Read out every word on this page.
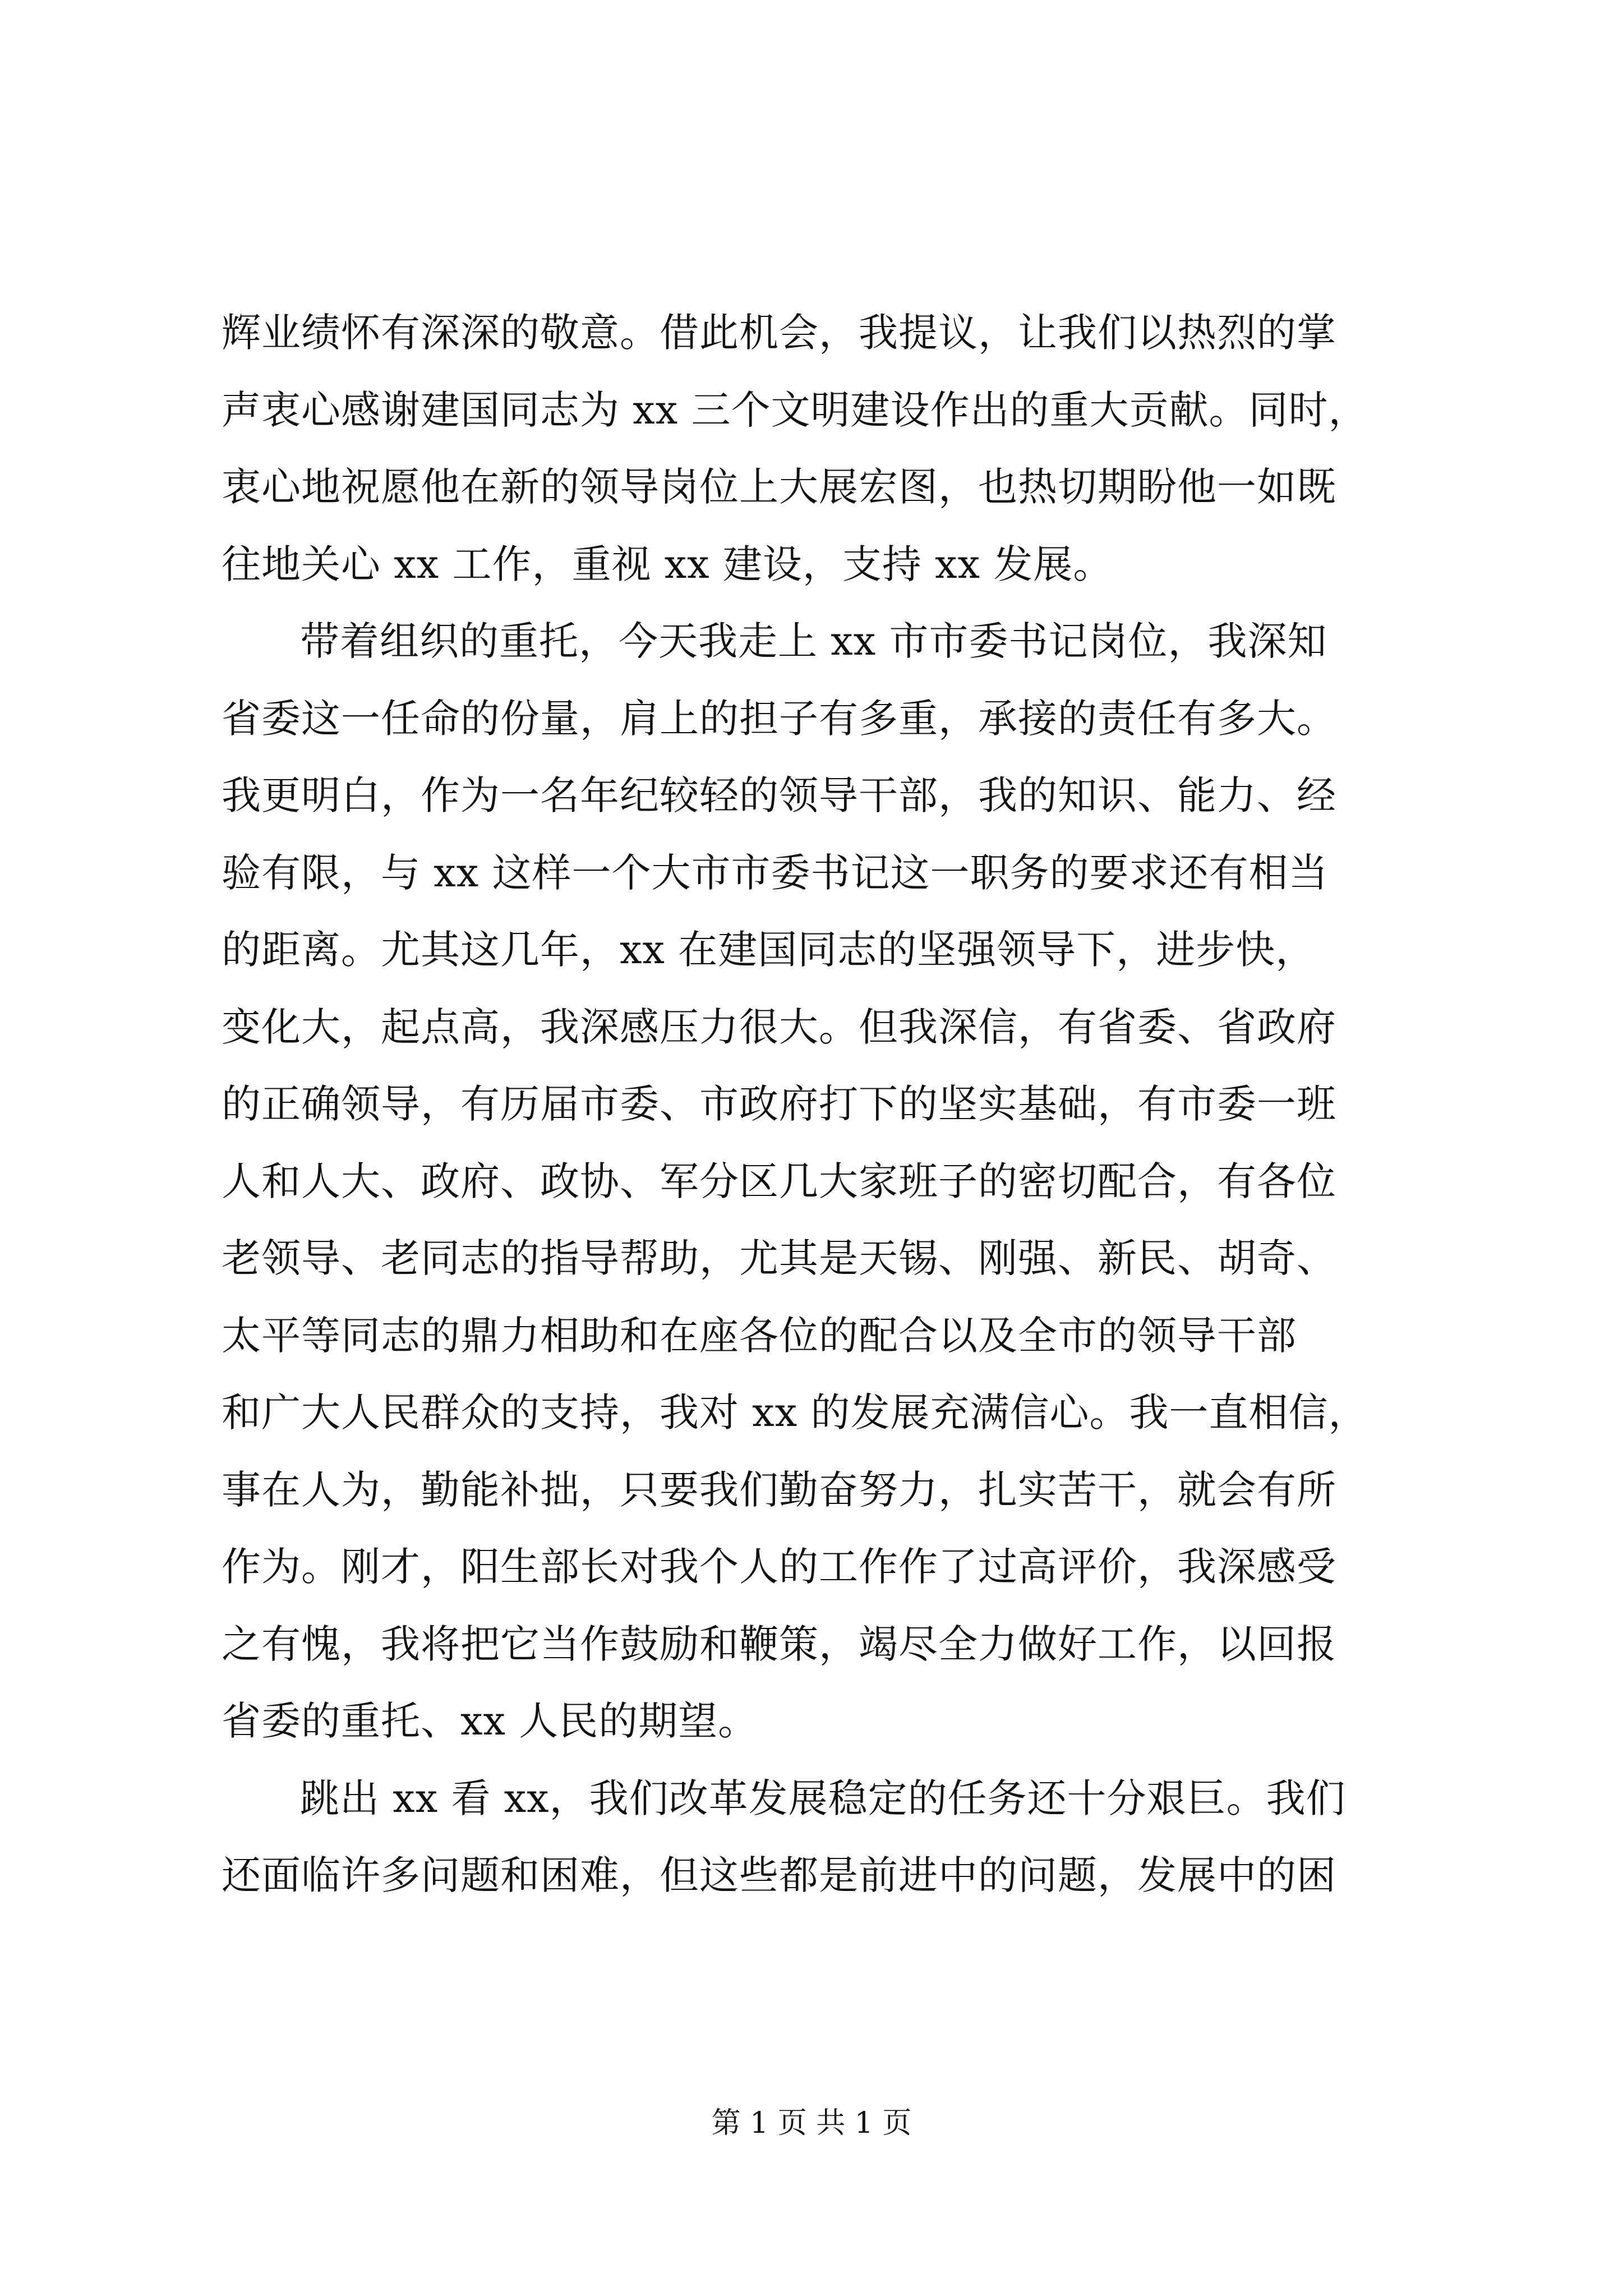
辉业绩怀有深深的敬意。借此机会，我提议，让我们以热烈的掌
声衷心感谢建国同志为 xx 三个文明建设作出的重大贡献。同时，
衷心地祝愿他在新的领导岗位上大展宏图，也热切期盼他一如既
往地关心 xx 工作，重视 xx 建设，支持 xx 发展。
带着组织的重托，今天我走上 xx 市市委书记岗位，我深知
省委这一任命的份量，肩上的担子有多重，承接的责任有多大。
我更明白，作为一名年纪较轻的领导干部，我的知识、能力、经
验有限，与 xx 这样一个大市市委书记这一职务的要求还有相当
的距离。尤其这几年，xx 在建国同志的坚强领导下，进步快，
变化大，起点高，我深感压力很大。但我深信，有省委、省政府
的正确领导，有历届市委、市政府打下的坚实基础，有市委一班
人和人大、政府、政协、军分区几大家班子的密切配合，有各位
老领导、老同志的指导帮助，尤其是天锡、刚强、新民、胡奇、
太平等同志的鼎力相助和在座各位的配合以及全市的领导干部
和广大人民群众的支持，我对 xx 的发展充满信心。我一直相信，
事在人为，勤能补拙，只要我们勤奋努力，扎实苦干，就会有所
作为。刚才，阳生部长对我个人的工作作了过高评价，我深感受
之有愧，我将把它当作鼓励和鞭策，竭尽全力做好工作，以回报
省委的重托、xx 人民的期望。
跳出 xx 看 xx，我们改革发展稳定的任务还十分艰巨。我们
还面临许多问题和困难，但这些都是前进中的问题，发展中的困
第 1 页 共 1 页
